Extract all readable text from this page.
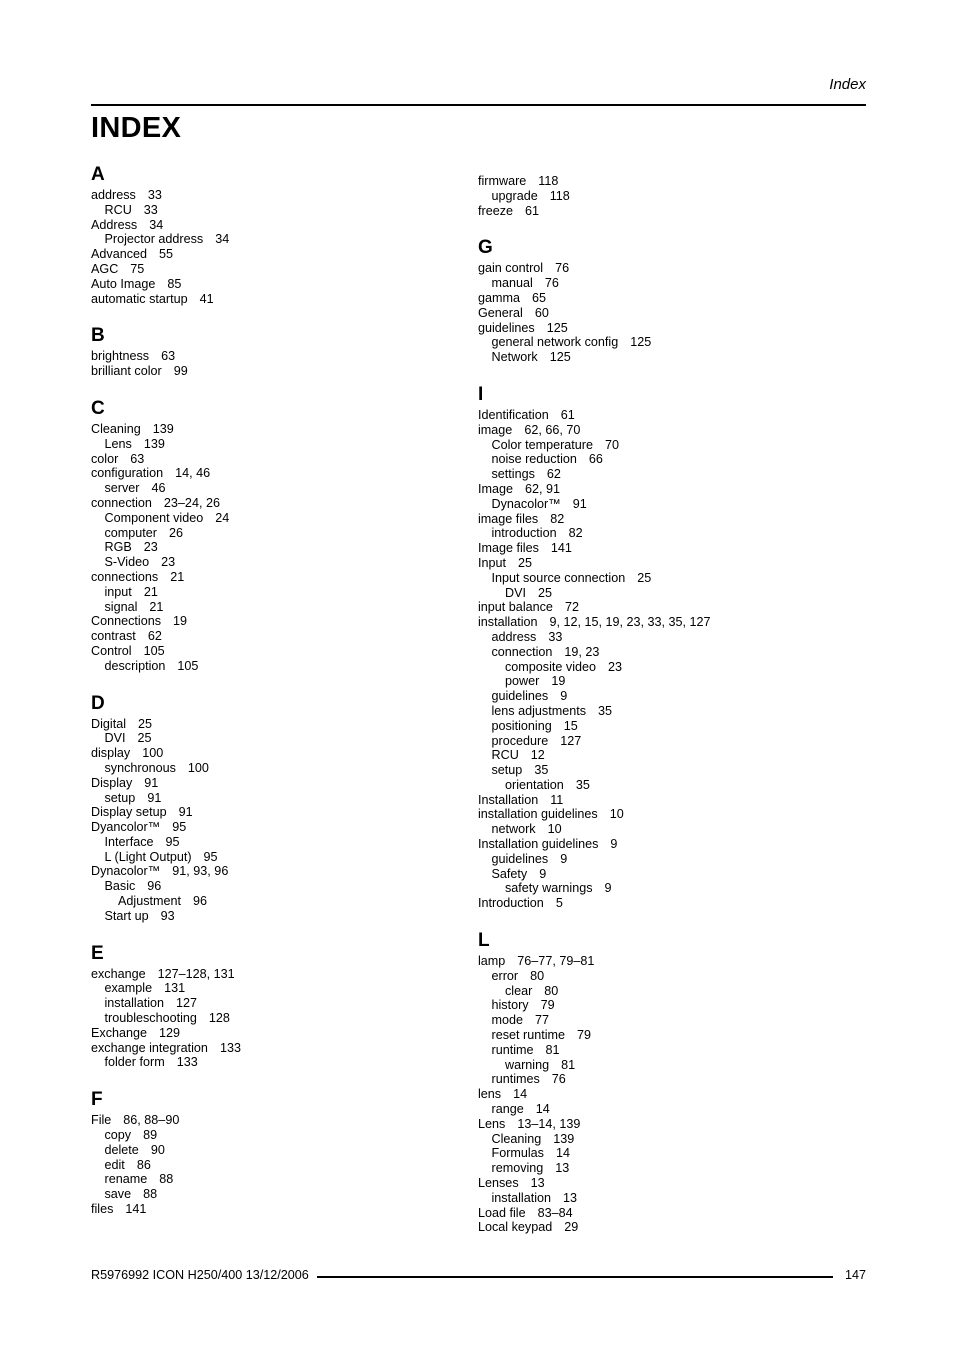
Index
INDEX
A
address 33
RCU 33
Address 34
Projector address 34
Advanced 55
AGC 75
Auto Image 85
automatic startup 41
B
brightness 63
brilliant color 99
C
Cleaning 139
Lens 139
color 63
configuration 14, 46
server 46
connection 23–24, 26
Component video 24
computer 26
RGB 23
S-Video 23
connections 21
input 21
signal 21
Connections 19
contrast 62
Control 105
description 105
D
Digital 25
DVI 25
display 100
synchronous 100
Display 91
setup 91
Display setup 91
Dyancolor™ 95
Interface 95
L (Light Output) 95
Dynacolor™ 91, 93, 96
Basic 96
Adjustment 96
Start up 93
E
exchange 127–128, 131
example 131
installation 127
troubleschooting 128
Exchange 129
exchange integration 133
folder form 133
F
File 86, 88–90
copy 89
delete 90
edit 86
rename 88
save 88
files 141
firmware 118
upgrade 118
freeze 61
G
gain control 76
manual 76
gamma 65
General 60
guidelines 125
general network config 125
Network 125
I
Identification 61
image 62, 66, 70
Color temperature 70
noise reduction 66
settings 62
Image 62, 91
Dynacolor™ 91
image files 82
introduction 82
Image files 141
Input 25
Input source connection 25
DVI 25
input balance 72
installation 9, 12, 15, 19, 23, 33, 35, 127
address 33
connection 19, 23
composite video 23
power 19
guidelines 9
lens adjustments 35
positioning 15
procedure 127
RCU 12
setup 35
orientation 35
Installation 11
installation guidelines 10
network 10
Installation guidelines 9
guidelines 9
Safety 9
safety warnings 9
Introduction 5
L
lamp 76–77, 79–81
error 80
clear 80
history 79
mode 77
reset runtime 79
runtime 81
warning 81
runtimes 76
lens 14
range 14
Lens 13–14, 139
Cleaning 139
Formulas 14
removing 13
Lenses 13
installation 13
Load file 83–84
Local keypad 29
R5976992 ICON H250/400 13/12/2006	147
